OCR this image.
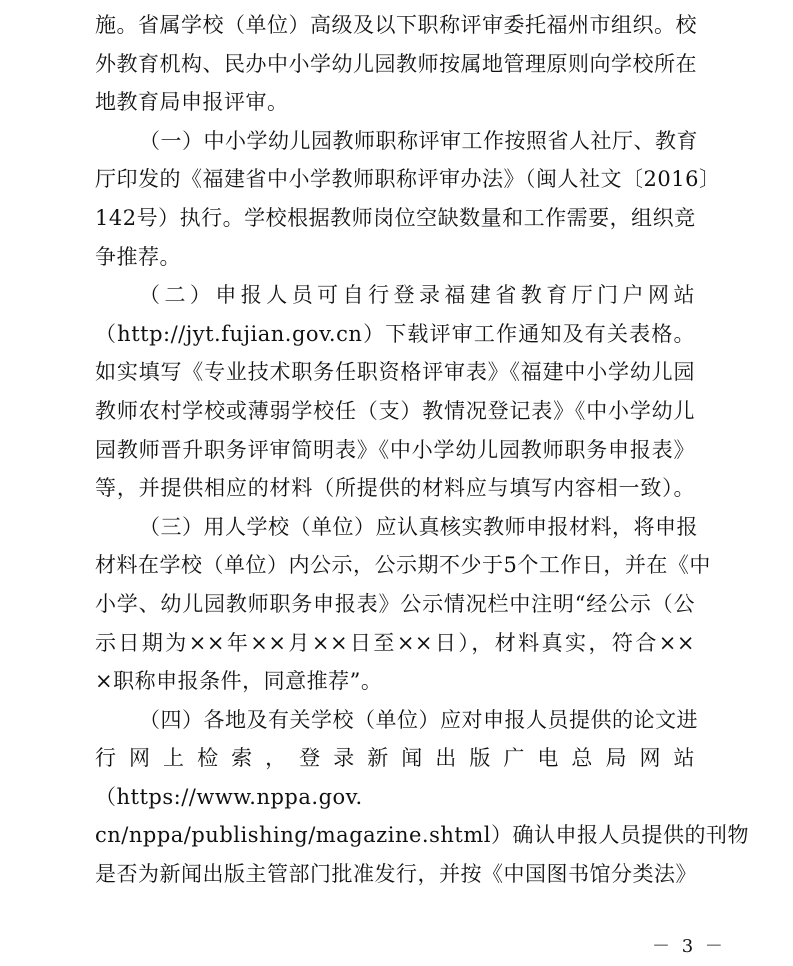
施。省属学校（单位）高级及以下职称评审委托福州市组织。校
外教育机构、民办中小学幼儿园教师按属地管理原则向学校所在
地教育局申报评审。
（一）中小学幼儿园教师职称评审工作按照省人社厅、教育
厅印发的《福建省中小学教师职称评审办法》（闽人社文〔2016〕
142号）执行。学校根据教师岗位空缺数量和工作需要，组织竞
争推荐。
（二）申报人员可自行登录福建省教育厅门户网站
（http://jyt.fujian.gov.cn）下载评审工作通知及有关表格。
如实填写《专业技术职务任职资格评审表》《福建中小学幼儿园
教师农村学校或薄弱学校任（支）教情况登记表》《中小学幼儿
园教师晋升职务评审简明表》《中小学幼儿园教师职务申报表》
等，并提供相应的材料（所提供的材料应与填写内容相一致）。
（三）用人学校（单位）应认真核实教师申报材料，将申报
材料在学校（单位）内公示，公示期不少于5个工作日，并在《中
小学、幼儿园教师职务申报表》公示情况栏中注明“经公示（公
示日期为××年××月××日至××日），材料真实，符合××
×职称申报条件，同意推荐”。
（四）各地及有关学校（单位）应对申报人员提供的论文进
行网上检索，登录新闻出版广电总局网站
（https://www.nppa.gov.
cn/nppa/publishing/magazine.shtml）确认申报人员提供的刊物
是否为新闻出版主管部门批准发行，并按《中国图书馆分类法》
－ 3 －
